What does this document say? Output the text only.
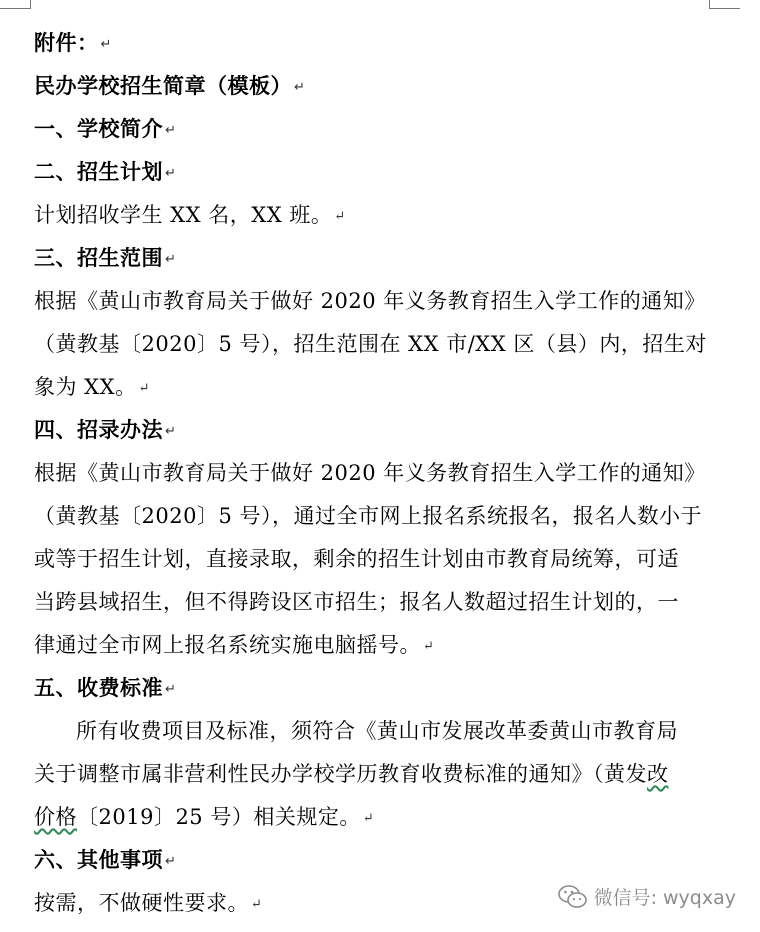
附件： ↵
民办学校招生简章（模板） ↵
一、学校简介 ↵
二、招生计划 ↵
计划招收学生 XX 名，XX 班。 ↵
三、招生范围 ↵
根据《黄山市教育局关于做好 2020 年义务教育招生入学工作的通知》
（黄教基〔2020〕5 号），招生范围在 XX 市/XX 区（县）内，招生对
象为 XX。 ↵
四、招录办法 ↵
根据《黄山市教育局关于做好 2020 年义务教育招生入学工作的通知》
（黄教基〔2020〕5 号），通过全市网上报名系统报名，报名人数小于
或等于招生计划，直接录取，剩余的招生计划由市教育局统筹，可适
当跨县域招生，但不得跨设区市招生；报名人数超过招生计划的，一
律通过全市网上报名系统实施电脑摇号。 ↵
五、收费标准 ↵
所有收费项目及标准，须符合《黄山市发展改革委黄山市教育局
关于调整市属非营利性民办学校学历教育收费标准的通知》（黄发改
价格〔2019〕25 号）相关规定。 ↵
六、其他事项 ↵
按需，不做硬性要求。 ↵	微信号: wyqxay
